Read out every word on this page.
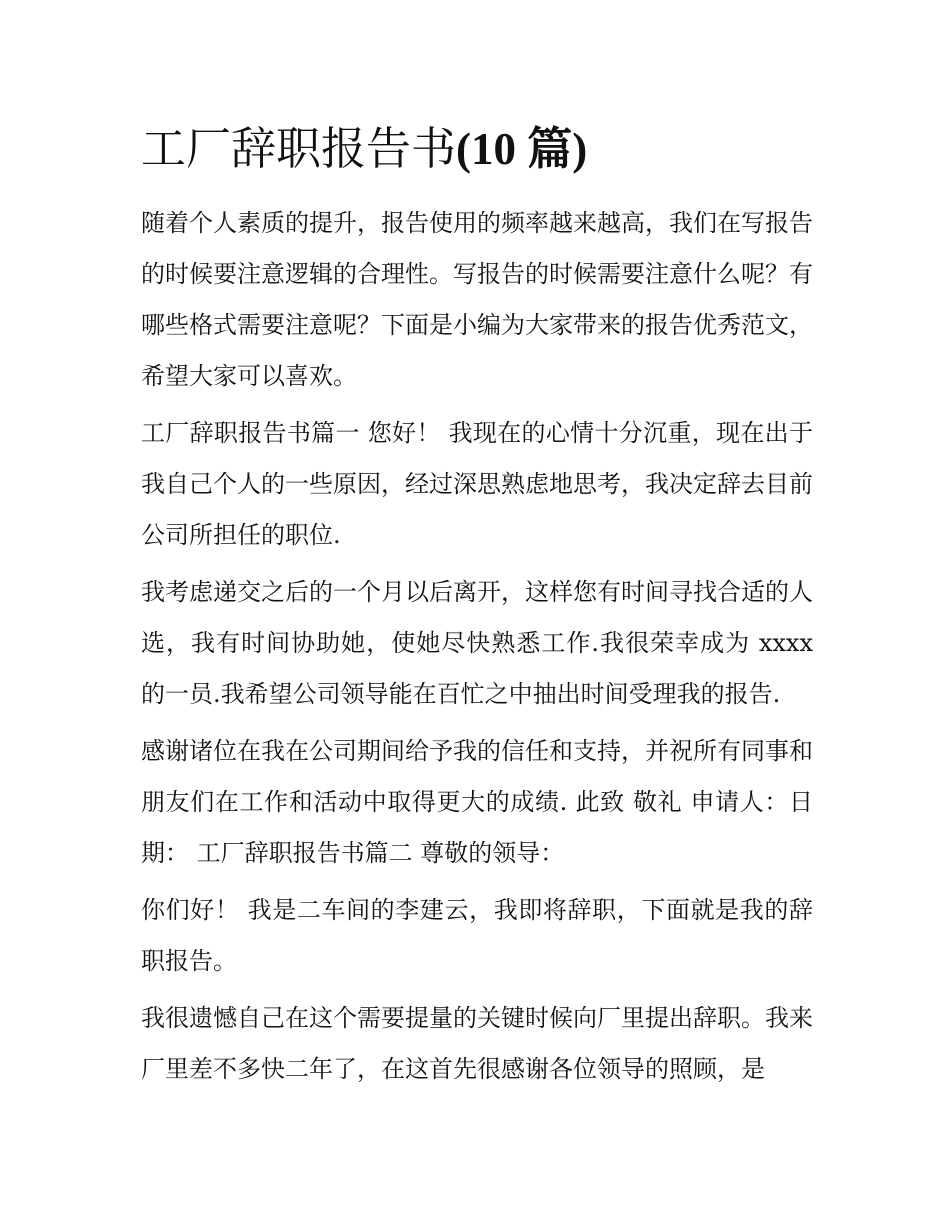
工厂辞职报告书(10 篇)

随着个人素质的提升，报告使用的频率越来越高，我们在写报告的时候要注意逻辑的合理性。写报告的时候需要注意什么呢？有哪些格式需要注意呢？下面是小编为大家带来的报告优秀范文，希望大家可以喜欢。

工厂辞职报告书篇一 您好！ 我现在的心情十分沉重，现在出于我自己个人的一些原因，经过深思熟虑地思考，我决定辞去目前公司所担任的职位.

我考虑递交之后的一个月以后离开，这样您有时间寻找合适的人选，我有时间协助她，使她尽快熟悉工作.我很荣幸成为 xxxx 的一员.我希望公司领导能在百忙之中抽出时间受理我的报告.

感谢诸位在我在公司期间给予我的信任和支持，并祝所有同事和朋友们在工作和活动中取得更大的成绩. 此致 敬礼 申请人：日期： 工厂辞职报告书篇二 尊敬的领导：

你们好！ 我是二车间的李建云，我即将辞职，下面就是我的辞职报告。

我很遗憾自己在这个需要提量的关键时候向厂里提出辞职。我来厂里差不多快二年了，在这首先很感谢各位领导的照顾，是
